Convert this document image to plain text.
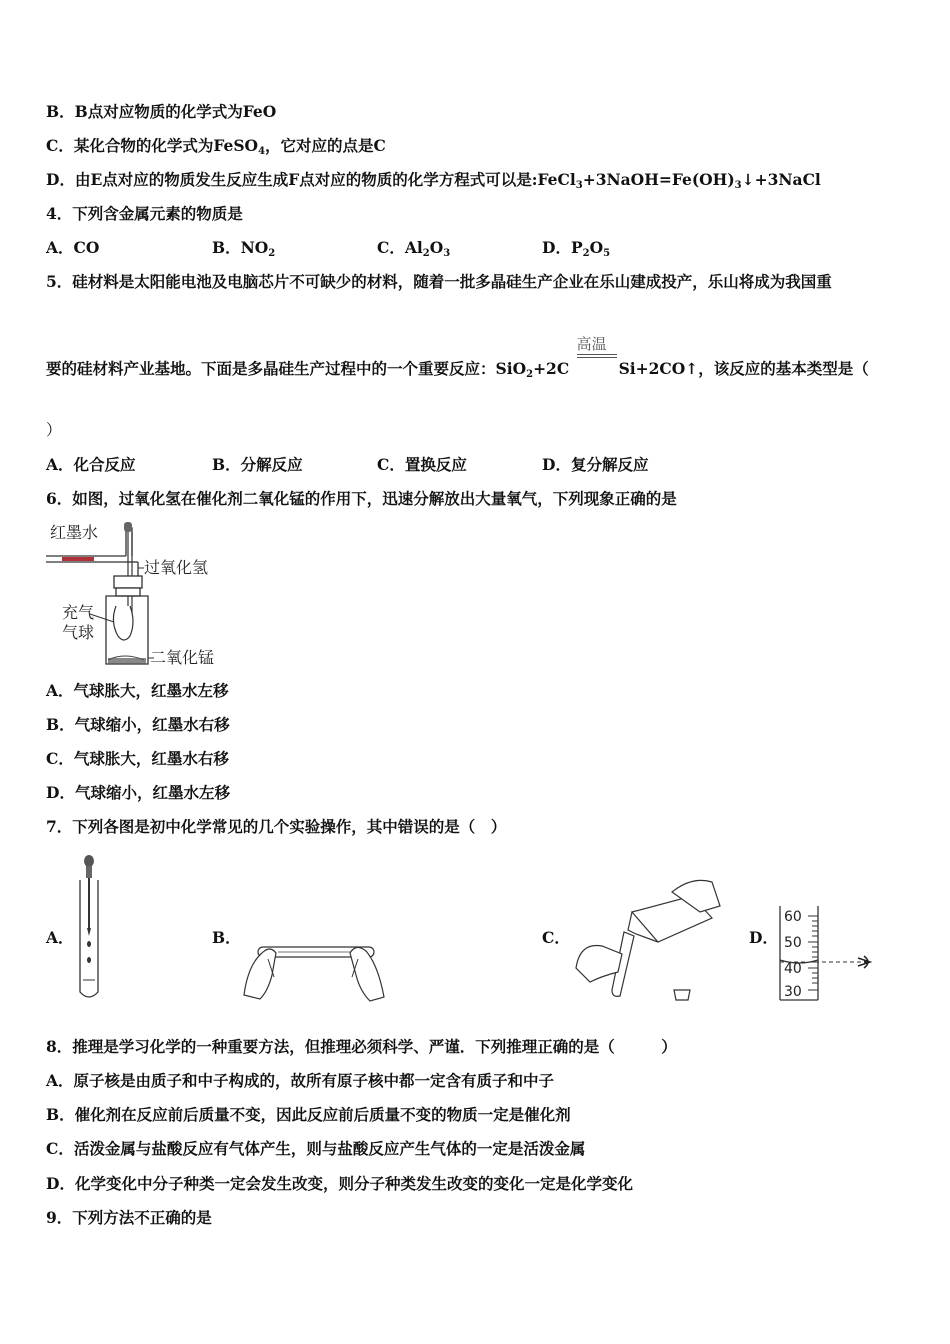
B．B点对应物质的化学式为FeO
C．某化合物的化学式为FeSO$_4$，它对应的点是C
D．由E点对应的物质发生反应生成F点对应的物质的化学方程式可以是$:FeCl_3+3NaOH=Fe(OH)_3↓+3NaCl$
4．下列含金属元素的物质是
A．CO	B．$NO_2$	C．$Al_2O_3$	D．$P_2O_5$
5．硅材料是太阳能电池及电脑芯片不可缺少的材料，随着一批多晶硅生产企业在乐山建成投产，乐山将成为我国重
要的硅材料产业基地。下面是多晶硅生产过程中的一个重要反应：SiO$_2$+2C
高温
Si+2CO↑，该反应的基本类型是（
）
A．化合反应	B．分解反应	C．置换反应	D．复分解反应
6．如图，过氧化氢在催化剂二氧化锰的作用下，迅速分解放出大量氧气，下列现象正确的是
红墨水
过氧化氢
充气
气球
二氧化锰
A．气球胀大，红墨水左移
B．气球缩小，红墨水右移
C．气球胀大，红墨水右移
D．气球缩小，红墨水左移
7．下列各图是初中化学常见的几个实验操作，其中错误的是（　）
A．	B．	C．	D．
60
50
40
30
8．推理是学习化学的一种重要方法，但推理必须科学、严谨．下列推理正确的是（　　　）
A．原子核是由质子和中子构成的，故所有原子核中都一定含有质子和中子
B．催化剂在反应前后质量不变，因此反应前后质量不变的物质一定是催化剂
C．活泼金属与盐酸反应有气体产生，则与盐酸反应产生气体的一定是活泼金属
D．化学变化中分子种类一定会发生改变，则分子种类发生改变的变化一定是化学变化
9．下列方法不正确的是
